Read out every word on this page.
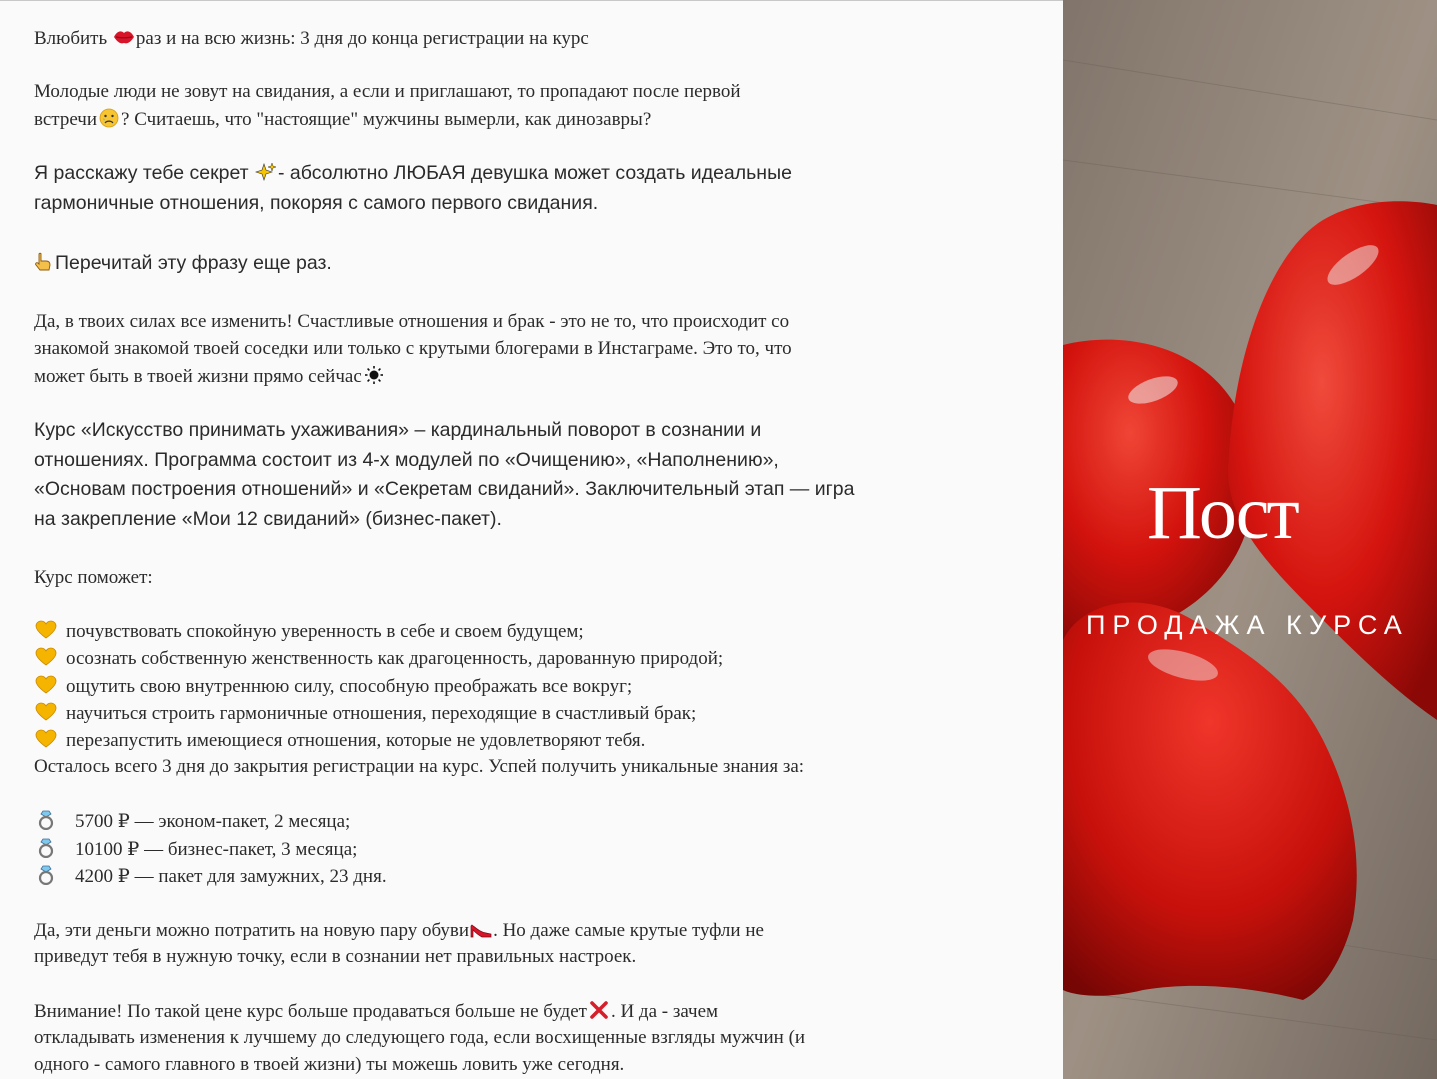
Влюбить
раз и на всю жизнь: 3 дня до конца регистрации на курс
Молодые люди не зовут на свидания, а если и приглашают, то пропадают после первой
встречи ? Считаешь, что "настоящие" мужчины вымерли, как динозавры?
Я расскажу тебе секрет
- абсолютно ЛЮБАЯ девушка может создать идеальные
гармоничные отношения, покоряя с самого первого свидания.
Перечитай эту фразу еще раз.
Да, в твоих силах все изменить! Счастливые отношения и брак - это не то, что происходит со
знакомой знакомой твоей соседки или только с крутыми блогерами в Инстаграме. Это то, что
может быть в твоей жизни прямо сейчас
Курс «Искусство принимать ухаживания» – кардинальный поворот в сознании и
отношениях. Программа состоит из 4-х модулей по «Очищению», «Наполнению»,
«Основам построения отношений» и «Секретам свиданий». Заключительный этап — игра
на закрепление «Мои 12 свиданий» (бизнес-пакет).
Курс поможет:
почувствовать спокойную уверенность в себе и своем будущем;
осознать собственную женственность как драгоценность, дарованную природой;
ощутить свою внутреннюю силу, способную преображать все вокруг;
научиться строить гармоничные отношения, переходящие в счастливый брак;
перезапустить имеющиеся отношения, которые не удовлетворяют тебя.
Осталось всего 3 дня до закрытия регистрации на курс. Успей получить уникальные знания за:
5700 ₽ — эконом-пакет, 2 месяца;
10100 ₽ — бизнес-пакет, 3 месяца;
4200 ₽ — пакет для замужних, 23 дня.
Да, эти деньги можно потратить на новую пару обуви . Но даже самые крутые туфли не
приведут тебя в нужную точку, если в сознании нет правильных настроек.
Внимание! По такой цене курс больше продаваться больше не будет . И да - зачем
откладывать изменения к лучшему до следующего года, если восхищенные взгляды мужчин (и
одного - самого главного в твоей жизни) ты можешь ловить уже сегодня.
Пост
ПРОДАЖА КУРСА
